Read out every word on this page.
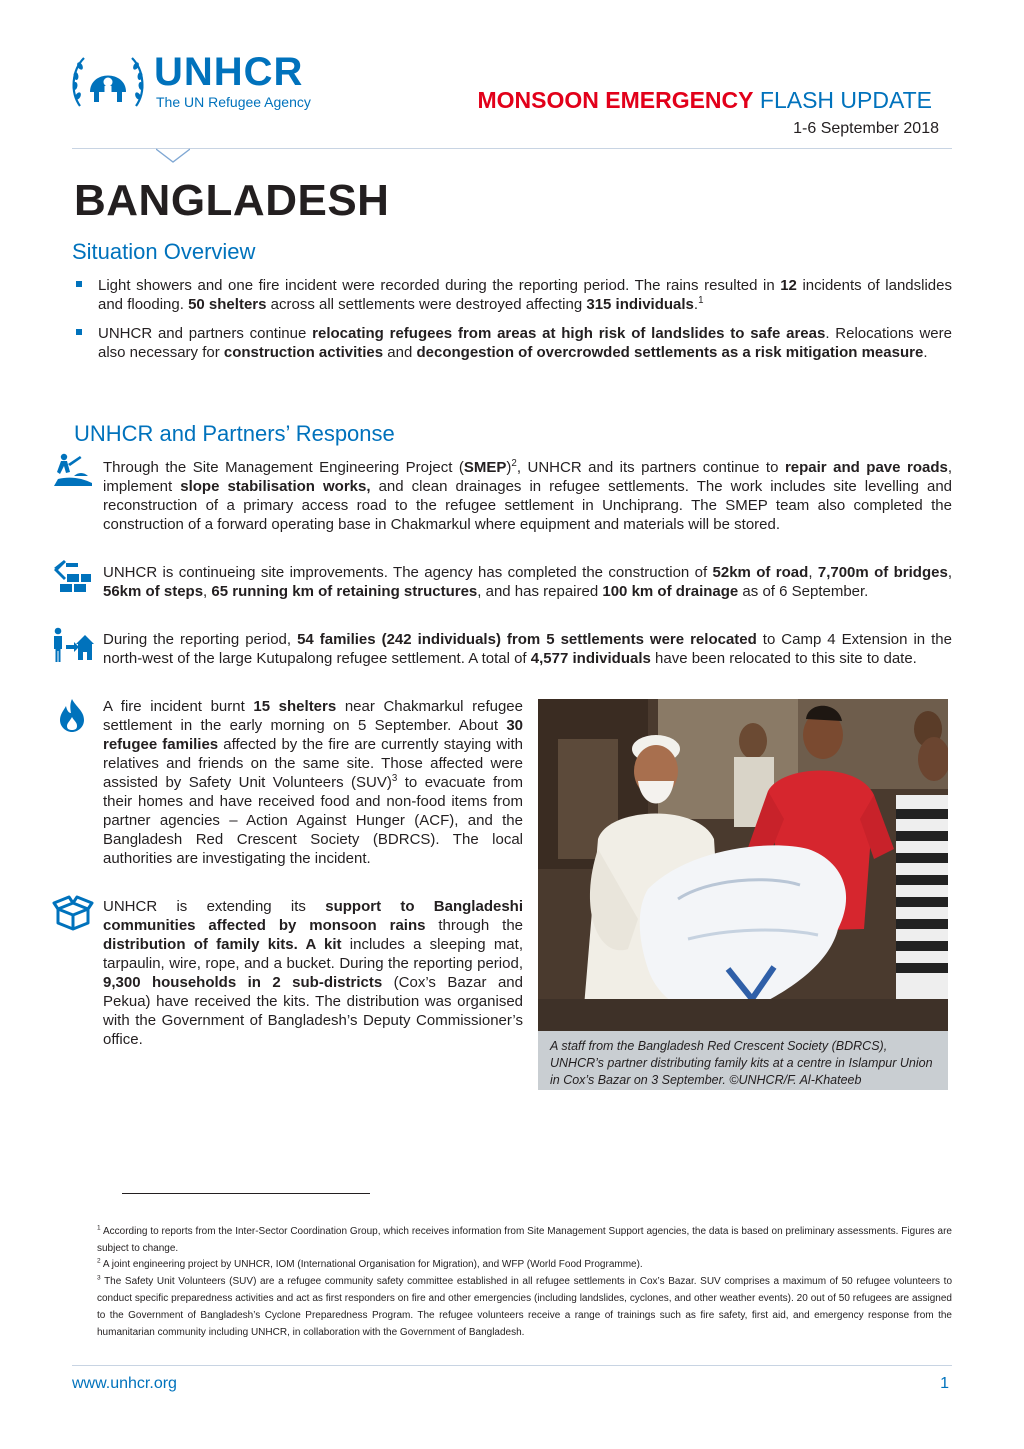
UNHCR
The UN Refugee Agency	MONSOON EMERGENCY FLASH UPDATE
1-6 September 2018
BANGLADESH
Situation Overview
Light showers and one fire incident were recorded during the reporting period. The rains resulted in 12 incidents of landslides and flooding. 50 shelters across all settlements were destroyed affecting 315 individuals.$^1$
UNHCR and partners continue relocating refugees from areas at high risk of landslides to safe areas. Relocations were also necessary for construction activities and decongestion of overcrowded settlements as a risk mitigation measure.
UNHCR and Partners’ Response
Through the Site Management Engineering Project (SMEP)$^2$, UNHCR and its partners continue to repair and pave roads, implement slope stabilisation works, and clean drainages in refugee settlements. The work includes site levelling and reconstruction of a primary access road to the refugee settlement in Unchiprang. The SMEP team also completed the construction of a forward operating base in Chakmarkul where equipment and materials will be stored.
UNHCR is continueing site improvements. The agency has completed the construction of 52km of road, 7,700m of bridges, 56km of steps, 65 running km of retaining structures, and has repaired 100 km of drainage as of 6 September.
During the reporting period, 54 families (242 individuals) from 5 settlements were relocated to Camp 4 Extension in the north-west of the large Kutupalong refugee settlement. A total of 4,577 individuals have been relocated to this site to date.
A fire incident burnt 15 shelters near Chakmarkul refugee settlement in the early morning on 5 September. About 30 refugee families affected by the fire are currently staying with relatives and friends on the same site. Those affected were assisted by Safety Unit Volunteers (SUV)$^3$ to evacuate from their homes and have received food and non-food items from partner agencies – Action Against Hunger (ACF), and the Bangladesh Red Crescent Society (BDRCS). The local authorities are investigating the incident.
UNHCR is extending its support to Bangladeshi communities affected by monsoon rains through the distribution of family kits. A kit includes a sleeping mat, tarpaulin, wire, rope, and a bucket. During the reporting period, 9,300 households in 2 sub-districts (Cox’s Bazar and Pekua) have received the kits. The distribution was organised with the Government of Bangladesh’s Deputy Commissioner’s office.	A staff from the Bangladesh Red Crescent Society (BDRCS), UNHCR’s partner distributing family kits at a centre in Islampur Union in Cox’s Bazar on 3 September. ©UNHCR/F. Al-Khateeb
$^1$ According to reports from the Inter-Sector Coordination Group, which receives information from Site Management Support agencies, the data is based on preliminary assessments. Figures are subject to change.
$^2$ A joint engineering project by UNHCR, IOM (International Organisation for Migration), and WFP (World Food Programme).
$^3$ The Safety Unit Volunteers (SUV) are a refugee community safety committee established in all refugee settlements in Cox’s Bazar. SUV comprises a maximum of 50 refugee volunteers to conduct specific preparedness activities and act as first responders on fire and other emergencies (including landslides, cyclones, and other weather events). 20 out of 50 refugees are assigned to the Government of Bangladesh’s Cyclone Preparedness Program. The refugee volunteers receive a range of trainings such as fire safety, first aid, and emergency response from the humanitarian community including UNHCR, in collaboration with the Government of Bangladesh.
www.unhcr.org	1
